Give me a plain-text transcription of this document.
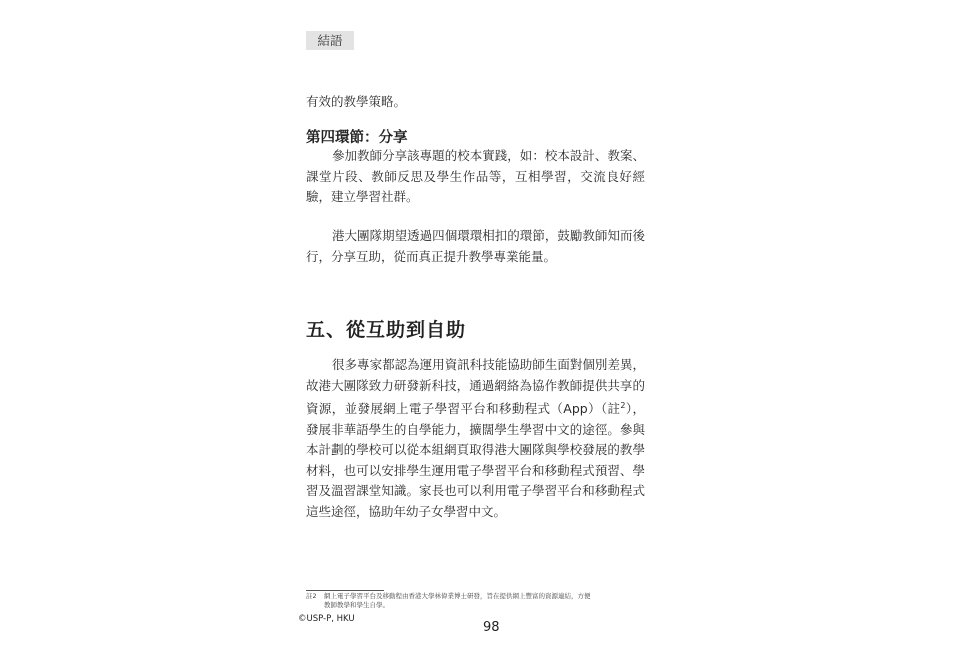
結語
有效的教學策略。
第四環節：分享

參加教師分享該專題的校本實踐，如：校本設計、教案、課堂片段、教師反思及學生作品等，互相學習，交流良好經驗，建立學習社群。

港大團隊期望透過四個環環相扣的環節，鼓勵教師知而後行，分享互助，從而真正提升教學專業能量。

五、從互助到自助

很多專家都認為運用資訊科技能協助師生面對個別差異，故港大團隊致力研發新科技，通過網絡為協作教師提供共享的資源，並發展網上電子學習平台和移動程式（App）（註$^2$），發展非華語學生的自學能力，擴闊學生學習中文的途徑。參與本計劃的學校可以從本組網頁取得港大團隊與學校發展的教學材料，也可以安排學生運用電子學習平台和移動程式預習、學習及溫習課堂知識。家長也可以利用電子學習平台和移動程式這些途徑，協助年幼子女學習中文。

註2 網上電子學習平台及移動程由香港大學林偉業博士研發，旨在提供網上豐富的資源連結，方便
教師教學和學生自學。
©USP-P, HKU
98
